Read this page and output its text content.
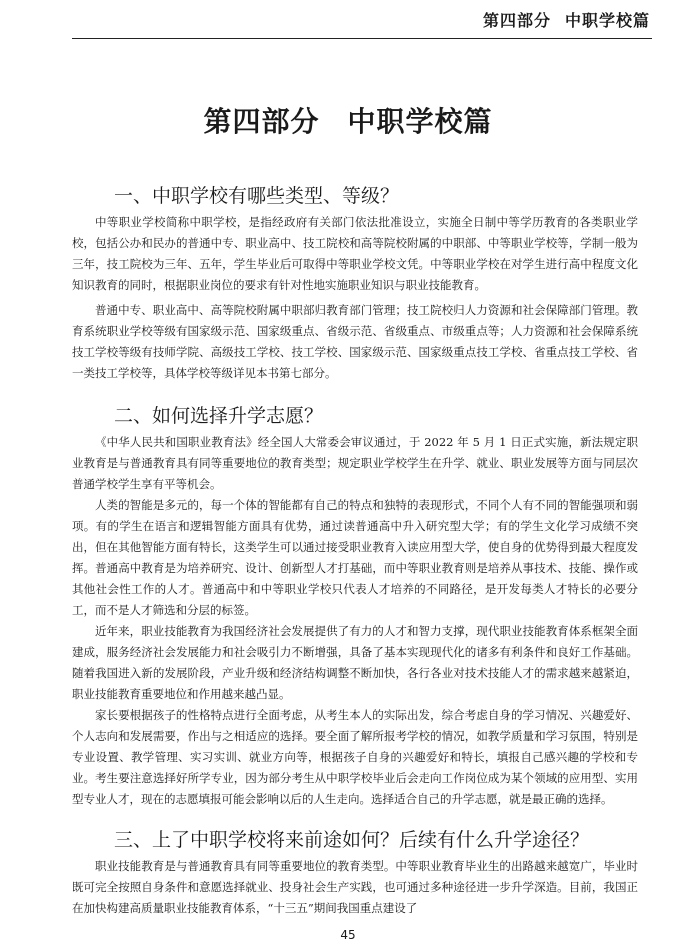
第四部分 中职学校篇
第四部分 中职学校篇
一、中职学校有哪些类型、等级？

中等职业学校简称中职学校，是指经政府有关部门依法批准设立，实施全日制中等学历教育的各类职业学校，包括公办和民办的普通中专、职业高中、技工院校和高等院校附属的中职部、中等职业学校等，学制一般为三年，技工院校为三年、五年，学生毕业后可取得中等职业学校文凭。中等职业学校在对学生进行高中程度文化知识教育的同时，根据职业岗位的要求有针对性地实施职业知识与职业技能教育。

普通中专、职业高中、高等院校附属中职部归教育部门管理；技工院校归人力资源和社会保障部门管理。教育系统职业学校等级有国家级示范、国家级重点、省级示范、省级重点、市级重点等；人力资源和社会保障系统技工学校等级有技师学院、高级技工学校、技工学校、国家级示范、国家级重点技工学校、省重点技工学校、省一类技工学校等，具体学校等级详见本书第七部分。

二、如何选择升学志愿？

《中华人民共和国职业教育法》经全国人大常委会审议通过，于 2022 年 5 月 1 日正式实施，新法规定职业教育是与普通教育具有同等重要地位的教育类型；规定职业学校学生在升学、就业、职业发展等方面与同层次普通学校学生享有平等机会。

人类的智能是多元的，每一个体的智能都有自己的特点和独特的表现形式，不同个人有不同的智能强项和弱项。有的学生在语言和逻辑智能方面具有优势，通过读普通高中升入研究型大学；有的学生文化学习成绩不突出，但在其他智能方面有特长，这类学生可以通过接受职业教育入读应用型大学，使自身的优势得到最大程度发挥。普通高中教育是为培养研究、设计、创新型人才打基础，而中等职业教育则是培养从事技术、技能、操作或其他社会性工作的人才。普通高中和中等职业学校只代表人才培养的不同路径，是开发每类人才特长的必要分工，而不是人才筛选和分层的标签。

近年来，职业技能教育为我国经济社会发展提供了有力的人才和智力支撑，现代职业技能教育体系框架全面建成，服务经济社会发展能力和社会吸引力不断增强，具备了基本实现现代化的诸多有利条件和良好工作基础。随着我国进入新的发展阶段，产业升级和经济结构调整不断加快，各行各业对技术技能人才的需求越来越紧迫，职业技能教育重要地位和作用越来越凸显。

家长要根据孩子的性格特点进行全面考虑，从考生本人的实际出发，综合考虑自身的学习情况、兴趣爱好、个人志向和发展需要，作出与之相适应的选择。要全面了解所报考学校的情况，如教学质量和学习氛围，特别是专业设置、教学管理、实习实训、就业方向等，根据孩子自身的兴趣爱好和特长，填报自己感兴趣的学校和专业。考生要注意选择好所学专业，因为部分考生从中职学校毕业后会走向工作岗位成为某个领域的应用型、实用型专业人才，现在的志愿填报可能会影响以后的人生走向。选择适合自己的升学志愿，就是最正确的选择。

三、上了中职学校将来前途如何？后续有什么升学途径？

职业技能教育是与普通教育具有同等重要地位的教育类型。中等职业教育毕业生的出路越来越宽广，毕业时既可完全按照自身条件和意愿选择就业、投身社会生产实践，也可通过多种途径进一步升学深造。目前，我国正在加快构建高质量职业技能教育体系，“十三五”期间我国重点建设了

45
